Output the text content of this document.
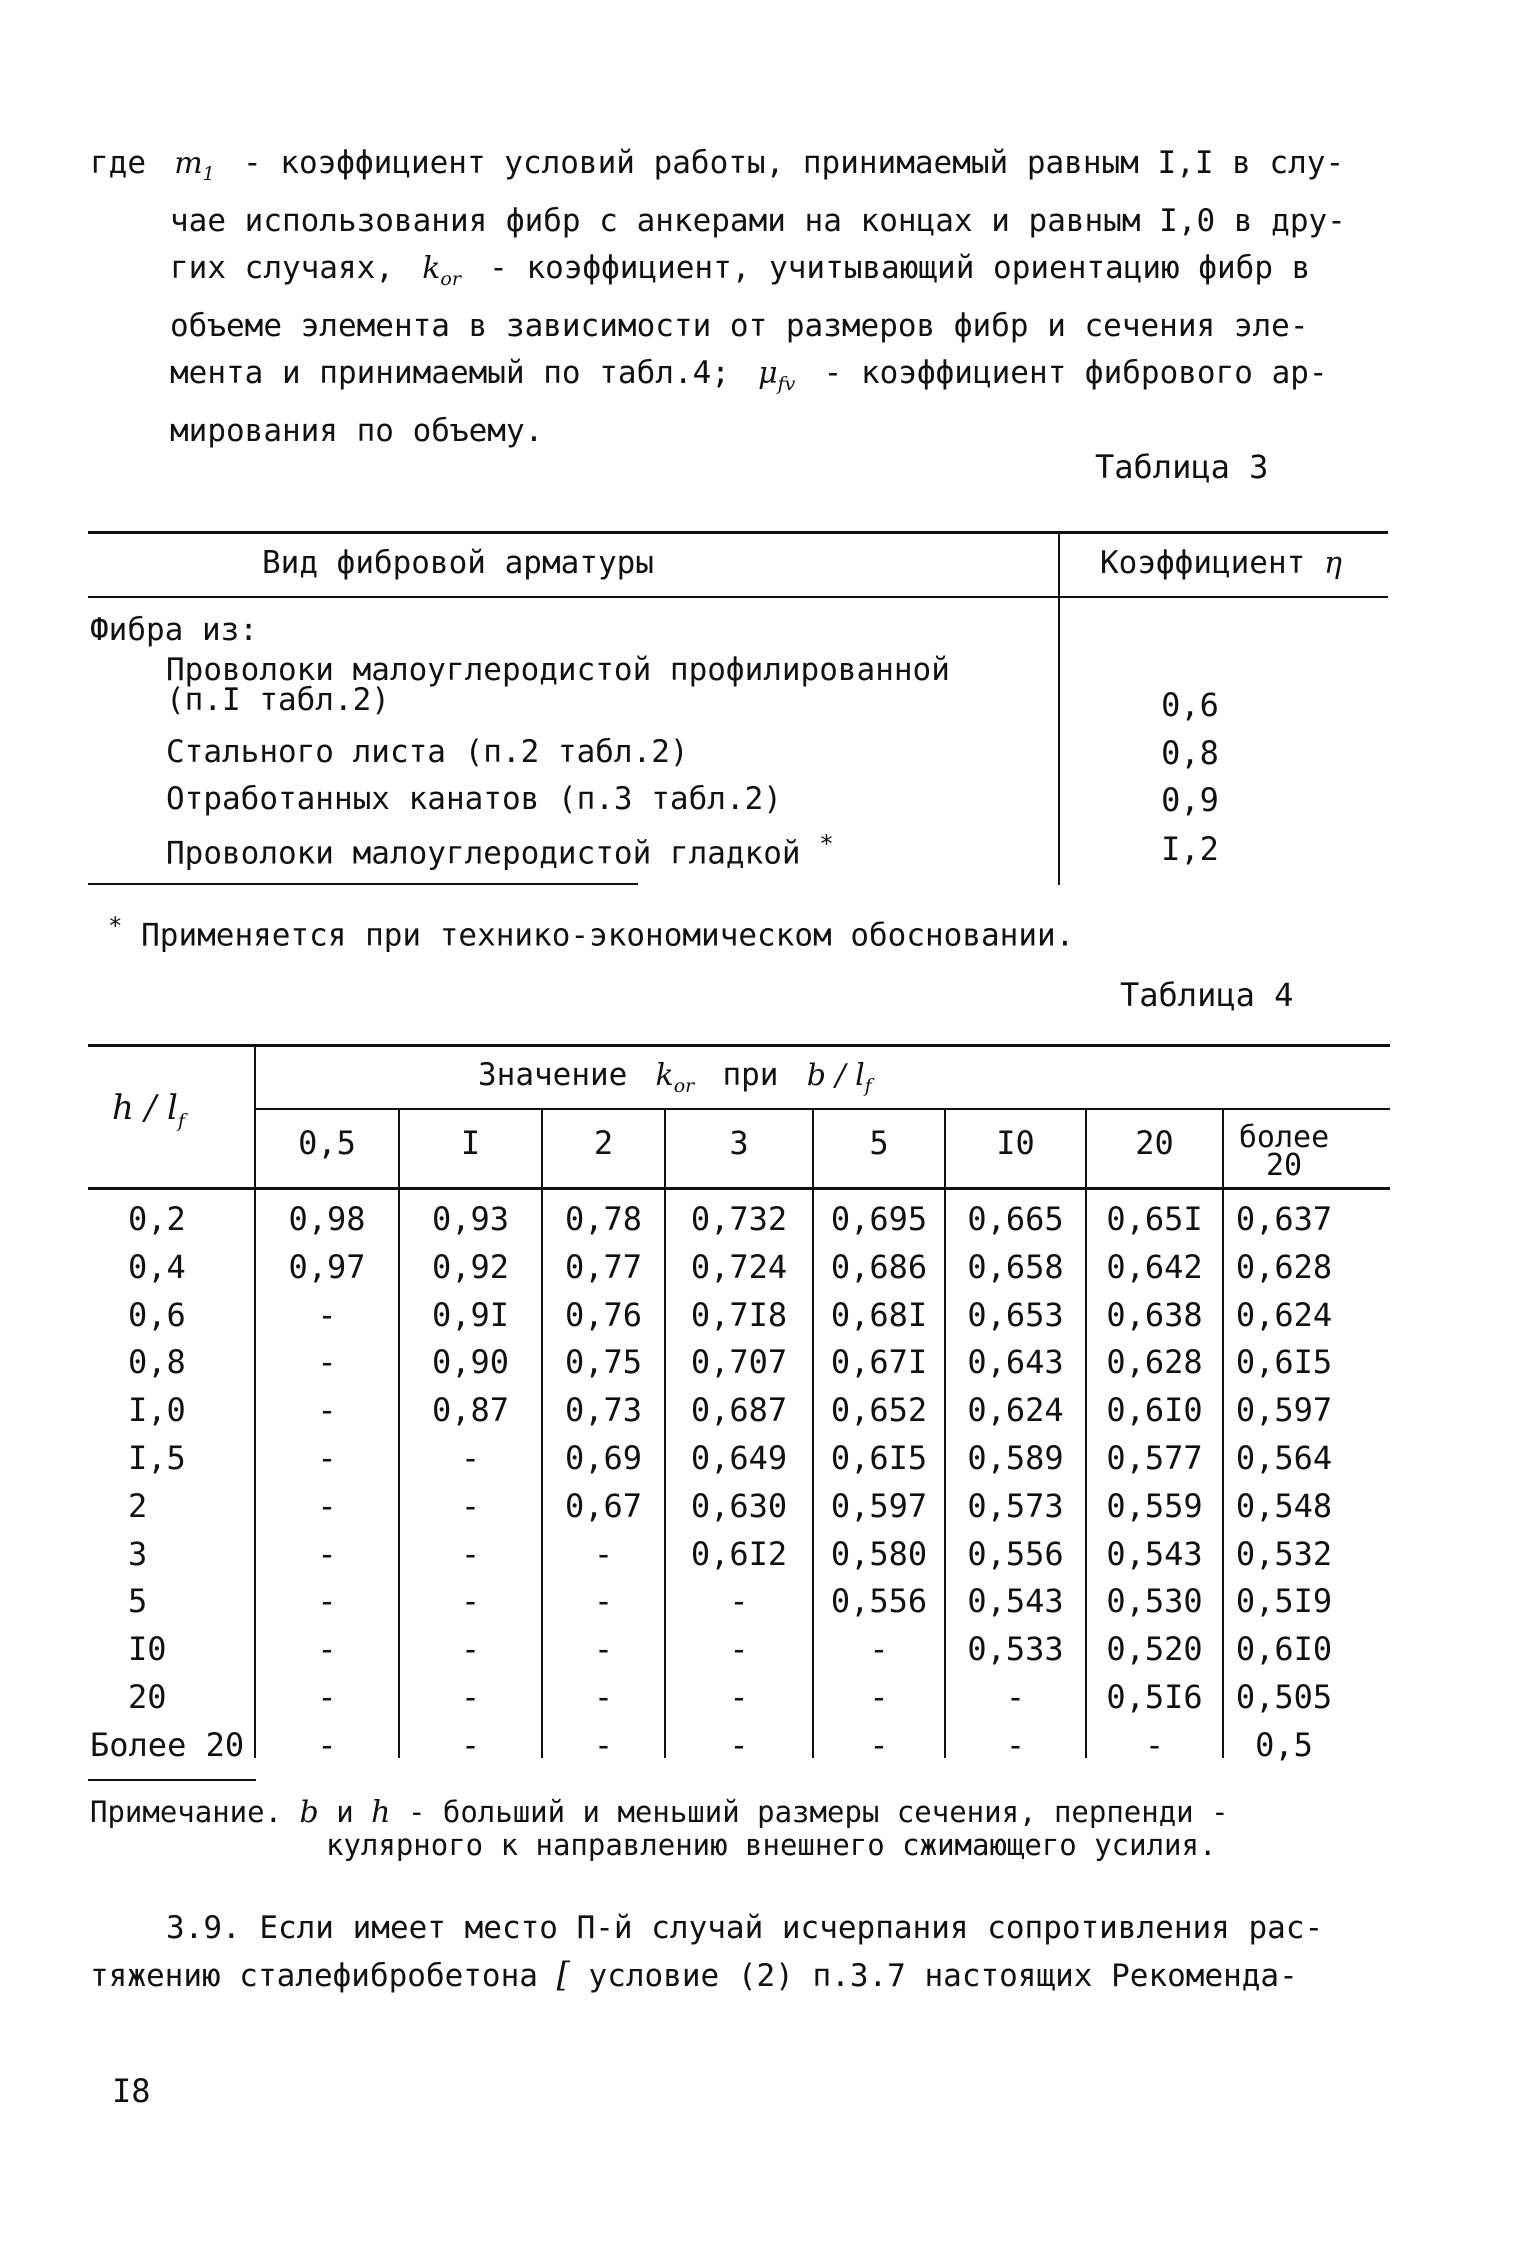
где $m_1$ - коэффициент условий работы, принимаемый равным I,I в слу-

чае использования фибр с анкерами на концах и равным I,0 в дру-

гих случаях, $k_{or}$ - коэффициент, учитывающий ориентацию фибр в

объеме элемента в зависимости от размеров фибр и сечения эле-

мента и принимаемый по табл.4; $\mu_{fv}$ - коэффициент фибрового ар-

мирования по объему.

Таблица 3
Вид фибровой арматуры	Коэффициент η
Фибра из:
Проволоки малоуглеродистой профилированной
(п.I табл.2)	0,6
Стального листа (п.2 табл.2)	0,8
Отработанных канатов (п.3 табл.2)	0,9
Проволоки малоуглеродистой гладкой *	I,2
* Применяется при технико-экономическом обосновании.
Таблица 4
h / $l_f$
Значение $k_{or}$ при b / $l_f$
0,5	I	2	3	5	I0	20	более
20
0,2	0,98	0,93	0,78	0,732	0,695	0,665	0,65I	0,637
0,4	0,97	0,92	0,77	0,724	0,686	0,658	0,642	0,628
0,6	-	0,9I	0,76	0,7I8	0,68I	0,653	0,638	0,624
0,8	-	0,90	0,75	0,707	0,67I	0,643	0,628	0,6I5
I,0	-	0,87	0,73	0,687	0,652	0,624	0,6I0	0,597
I,5	-	-	0,69	0,649	0,6I5	0,589	0,577	0,564
2	-	-	0,67	0,630	0,597	0,573	0,559	0,548
3	-	-	-	0,6I2	0,580	0,556	0,543	0,532
5	-	-	-	-	0,556	0,543	0,530	0,5I9
I0	-	-	-	-	-	0,533	0,520	0,6I0
20	-	-	-	-	-	-	0,5I6	0,505
Более 20	-	-	-	-	-	-	-	0,5
Примечание. b и h - больший и меньший размеры сечения, перпенди -
кулярного к направлению внешнего сжимающего усилия.

3.9. Если имеет место П-й случай исчерпания сопротивления рас-

тяжению сталефибробетона [ условие (2) п.3.7 настоящих Рекоменда-

I8
